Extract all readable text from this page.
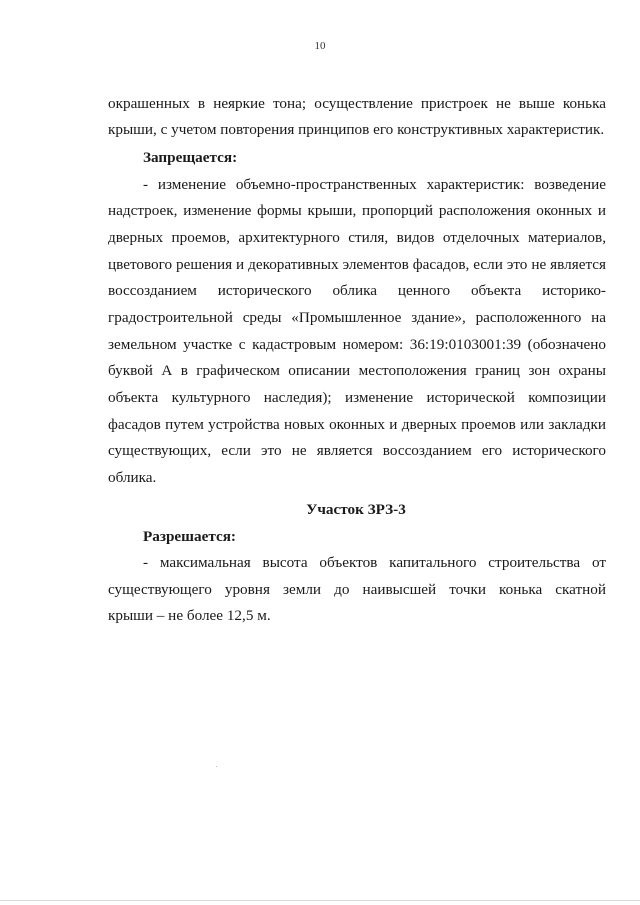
10
окрашенных в неяркие тона; осуществление пристроек не выше конька
крыши, с учетом повторения принципов его конструктивных характеристик.
Запрещается:
- изменение объемно-пространственных характеристик: возведение
надстроек, изменение формы крыши, пропорций расположения оконных и
дверных проемов, архитектурного стиля, видов отделочных материалов,
цветового решения и декоративных элементов фасадов, если это не является
воссозданием исторического облика ценного объекта историко-
градостроительной среды «Промышленное здание», расположенного на
земельном участке с кадастровым номером: 36:19:0103001:39 (обозначено
буквой А в графическом описании местоположения границ зон охраны
объекта культурного наследия); изменение исторической композиции
фасадов путем устройства новых оконных и дверных проемов или закладки
существующих, если это не является воссозданием его исторического
облика.
Участок ЗРЗ-3
Разрешается:
- максимальная высота объектов капитального строительства от
существующего уровня земли до наивысшей точки конька скатной
крыши – не более 12,5 м.
